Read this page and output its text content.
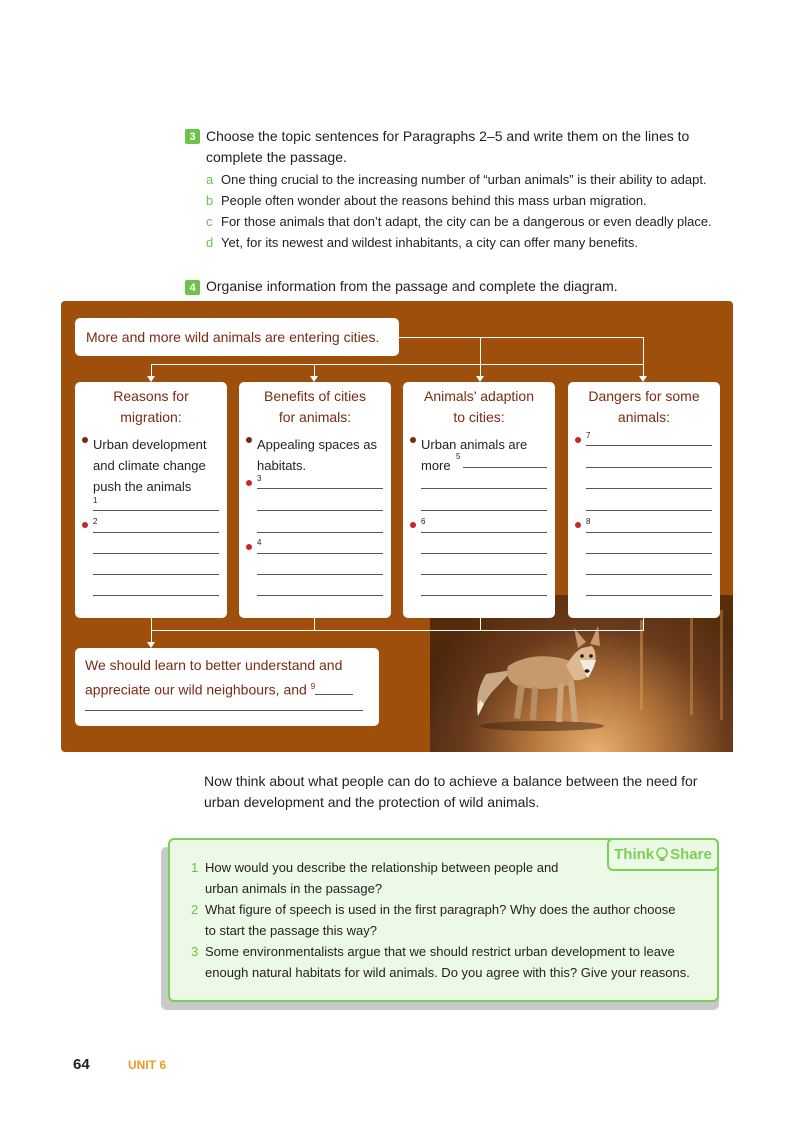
3 Choose the topic sentences for Paragraphs 2–5 and write them on the lines to
complete the passage.
a One thing crucial to the increasing number of “urban animals” is their ability to adapt.
b People often wonder about the reasons behind this mass urban migration.
c For those animals that don’t adapt, the city can be a dangerous or even deadly place.
d Yet, for its newest and wildest inhabitants, a city can offer many benefits.
4 Organise information from the passage and complete the diagram.
More and more wild animals are entering cities.
Reasons for
migration:
Urban development
and climate change
push the animals
1
2
Benefits of cities
for animals:
Appealing spaces as
habitats.
3
4
Animals’ adaption
to cities:
Urban animals are
more
5
6
Dangers for some
animals:
7
8
We should learn to better understand and
appreciate our wild neighbours, and $^9$
Now think about what people can do to achieve a balance between the need for
urban development and the protection of wild animals.
Think Share
1 How would you describe the relationship between people and
urban animals in the passage?
2 What figure of speech is used in the first paragraph? Why does the author choose
to start the passage this way?
3 Some environmentalists argue that we should restrict urban development to leave
enough natural habitats for wild animals. Do you agree with this? Give your reasons.
64	UNIT 6
